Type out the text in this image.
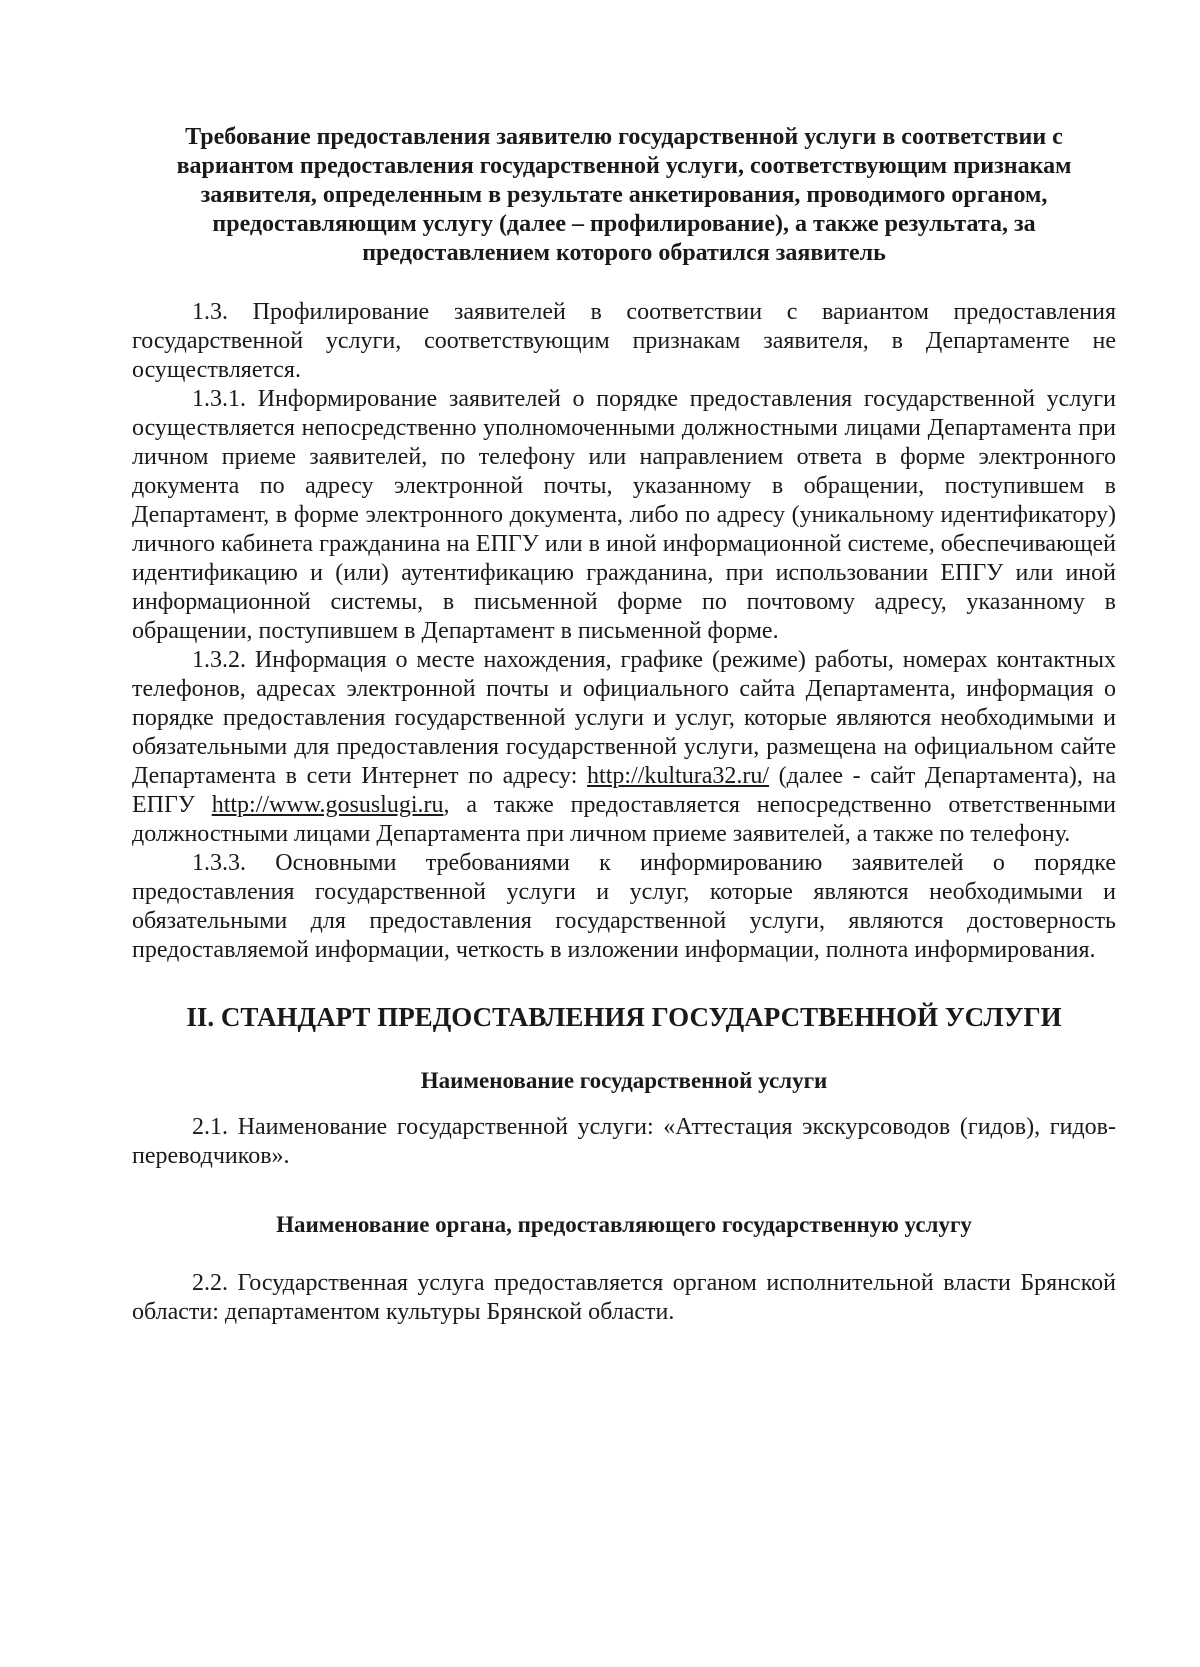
Требование предоставления заявителю государственной услуги в соответствии с вариантом предоставления государственной услуги, соответствующим признакам заявителя, определенным в результате анкетирования, проводимого органом, предоставляющим услугу (далее – профилирование), а также результата, за предоставлением которого обратился заявитель

1.3. Профилирование заявителей в соответствии с вариантом предоставления государственной услуги, соответствующим признакам заявителя, в Департаменте не осуществляется.

1.3.1. Информирование заявителей о порядке предоставления государственной услуги осуществляется непосредственно уполномоченными должностными лицами Департамента при личном приеме заявителей, по телефону или направлением ответа в форме электронного документа по адресу электронной почты, указанному в обращении, поступившем в Департамент, в форме электронного документа, либо по адресу (уникальному идентификатору) личного кабинета гражданина на ЕПГУ или в иной информационной системе, обеспечивающей идентификацию и (или) аутентификацию гражданина, при использовании ЕПГУ или иной информационной системы, в письменной форме по почтовому адресу, указанному в обращении, поступившем в Департамент в письменной форме.

1.3.2. Информация о месте нахождения, графике (режиме) работы, номерах контактных телефонов, адресах электронной почты и официального сайта Департамента, информация о порядке предоставления государственной услуги и услуг, которые являются необходимыми и обязательными для предоставления государственной услуги, размещена на официальном сайте Департамента в сети Интернет по адресу: http://kultura32.ru/ (далее - сайт Департамента), на ЕПГУ http://www.gosuslugi.ru, а также предоставляется непосредственно ответственными должностными лицами Департамента при личном приеме заявителей, а также по телефону.

1.3.3. Основными требованиями к информированию заявителей о порядке предоставления государственной услуги и услуг, которые являются необходимыми и обязательными для предоставления государственной услуги, являются достоверность предоставляемой информации, четкость в изложении информации, полнота информирования.

II. СТАНДАРТ ПРЕДОСТАВЛЕНИЯ ГОСУДАРСТВЕННОЙ УСЛУГИ

Наименование государственной услуги

2.1. Наименование государственной услуги: «Аттестация экскурсоводов (гидов), гидов-переводчиков».

Наименование органа, предоставляющего государственную услугу

2.2. Государственная услуга предоставляется органом исполнительной власти Брянской области: департаментом культуры Брянской области.
